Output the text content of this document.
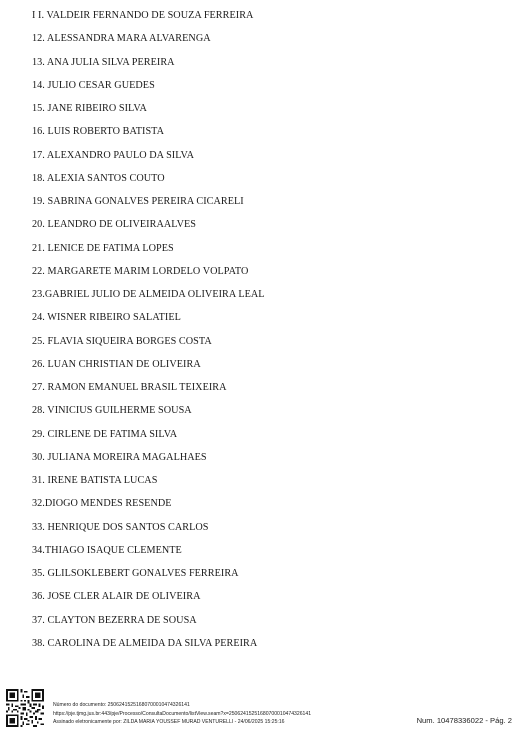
I I. VALDEIR FERNANDO DE SOUZA FERREIRA
12. ALESSANDRA MARA ALVARENGA
13. ANA JULIA SILVA PEREIRA
14. JULIO CESAR GUEDES
15. JANE RIBEIRO SILVA
16. LUIS ROBERTO BATISTA
17. ALEXANDRO PAULO DA SILVA
18. ALEXIA SANTOS COUTO
19. SABRINA GONALVES PEREIRA CICARELI
20. LEANDRO DE OLIVEIRAALVES
21. LENICE DE FATIMA LOPES
22. MARGARETE MARIM LORDELO VOLPATO
23.GABRIEL JULIO DE ALMEIDA OLIVEIRA LEAL
24. WISNER RIBEIRO SALATIEL
25. FLAVIA SIQUEIRA BORGES COSTA
26. LUAN CHRISTIAN DE OLIVEIRA
27. RAMON EMANUEL BRASIL TEIXEIRA
28. VINICIUS GUILHERME SOUSA
29. CIRLENE DE FATIMA SILVA
30. JULIANA MOREIRA MAGALHAES
31. IRENE BATISTA LUCAS
32.DIOGO MENDES RESENDE
33. HENRIQUE DOS SANTOS CARLOS
34.THIAGO ISAQUE CLEMENTE
35. GLILSOKLEBERT GONALVES FERREIRA
36. JOSE CLER ALAIR DE OLIVEIRA
37. CLAYTON BEZERRA DE SOUSA
38. CAROLINA DE ALMEIDA DA SILVA PEREIRA
Número do documento: 25062415251680700010474326141
https://pje.tjmg.jus.br:443/pje/Processo/ConsultaDocumento/listView.seam?x=25062415251680700010474326141
Assinado eletronicamente por: ZILDA MARIA YOUSSEF MURAD VENTURELLI - 24/06/2025 15:25:16	Num. 10478336022 - Pág. 2
